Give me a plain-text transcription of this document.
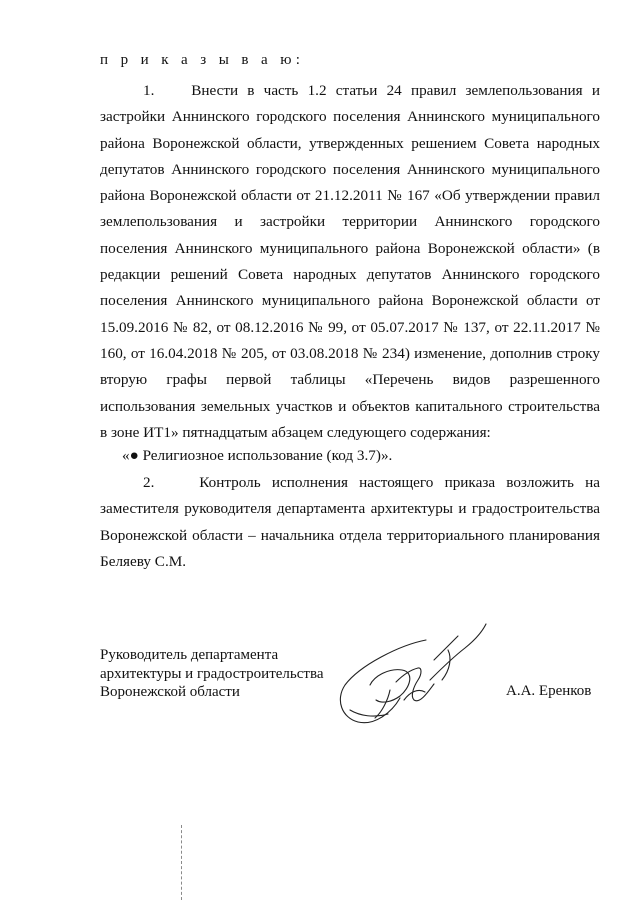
п р и к а з ы в а ю:

1.    Внести в часть 1.2 статьи 24 правил землепользования и застройки Аннинского городского поселения Аннинского муниципального района Воронежской области, утвержденных решением Совета народных депутатов Аннинского городского поселения Аннинского муниципального района Воронежской области от 21.12.2011 № 167 «Об утверждении правил землепользования и застройки территории Аннинского городского поселения Аннинского муниципального района Воронежской области» (в редакции решений Совета народных депутатов Аннинского городского поселения Аннинского муниципального района Воронежской области от 15.09.2016 № 82, от 08.12.2016 № 99, от 05.07.2017 № 137, от 22.11.2017 № 160, от 16.04.2018 № 205, от 03.08.2018 № 234) изменение, дополнив строку вторую графы первой таблицы «Перечень видов разрешенного использования земельных участков и объектов капитального строительства в зоне ИТ1» пятнадцатым абзацем следующего содержания:

«● Религиозное использование (код 3.7)».

2.    Контроль исполнения настоящего приказа возложить на заместителя руководителя департамента архитектуры и градостроительства Воронежской области – начальника отдела территориального планирования Беляеву С.М.

Руководитель департамента
архитектуры и градостроительства
Воронежской области	А.А. Еренков
